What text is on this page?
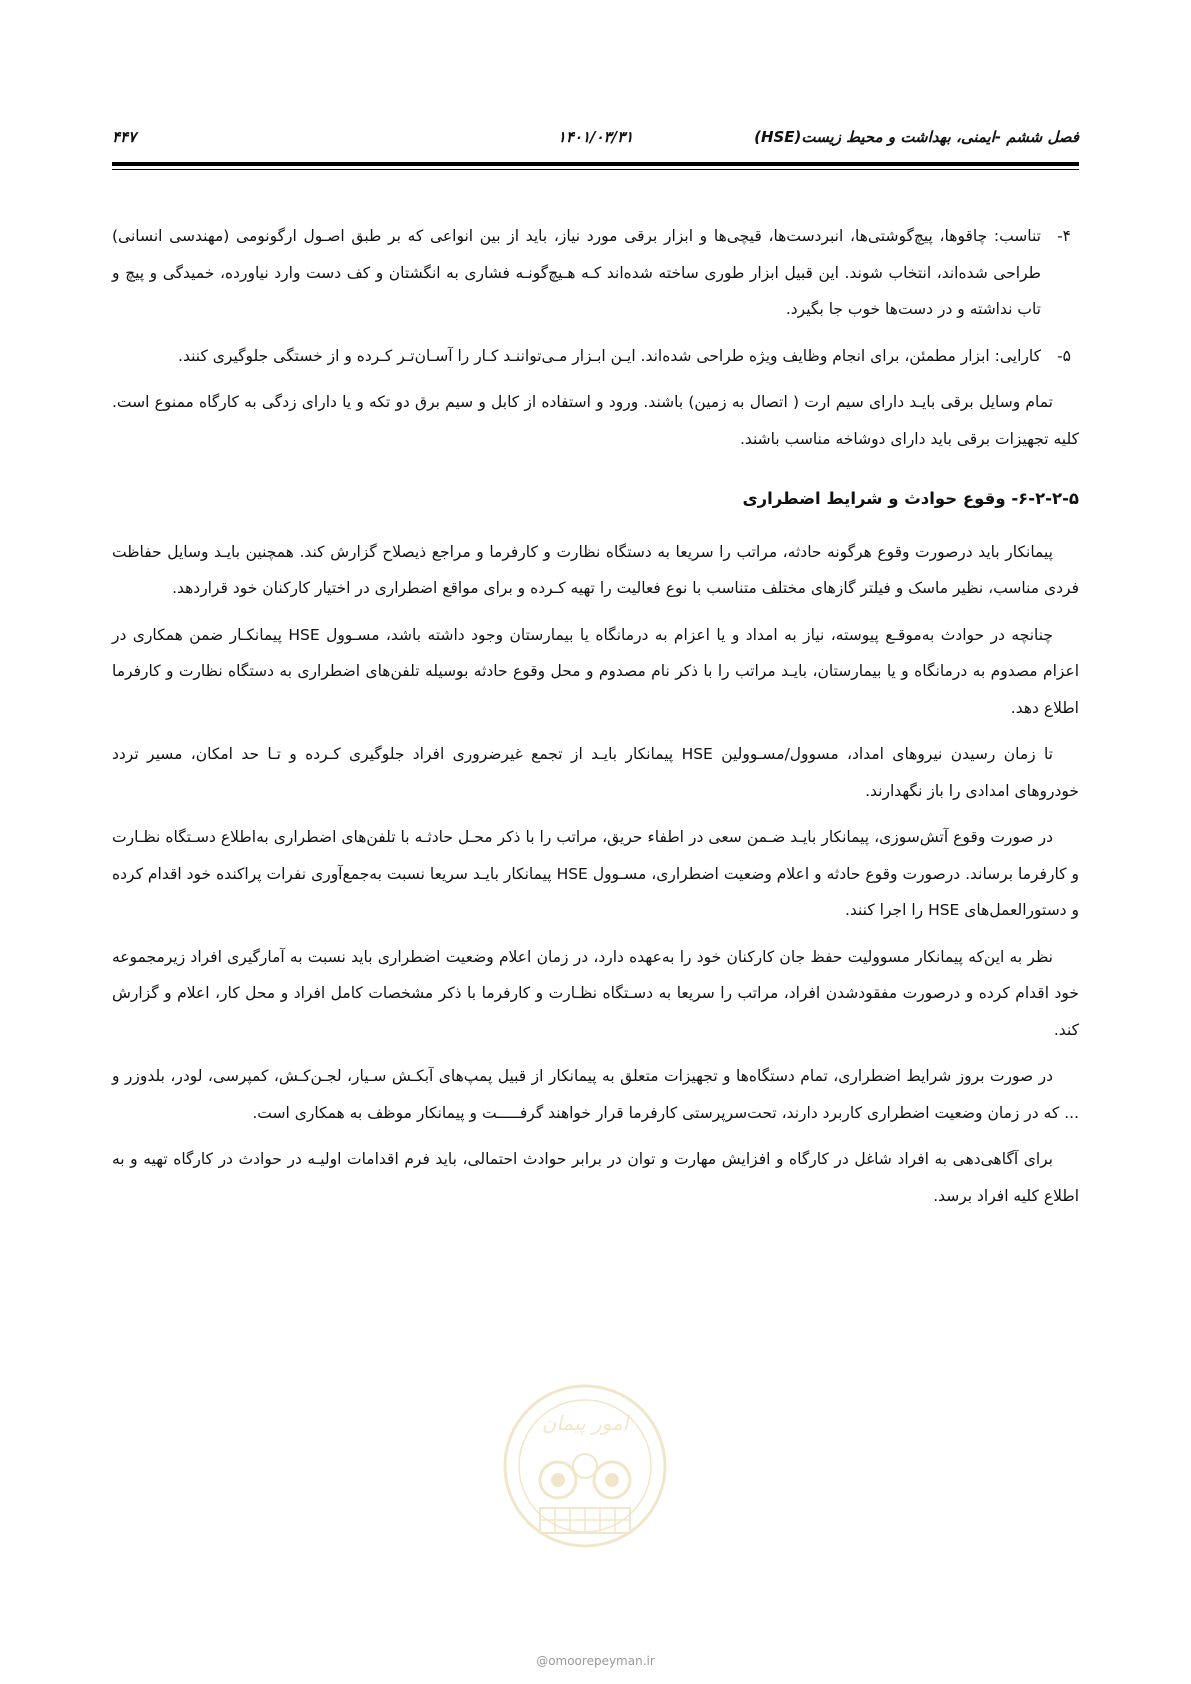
۴۴۷	۱۴۰۱/۰۳/۳۱	فصل ششم -ایمنی، بهداشت و محیط زیست(HSE)
۴-
تناسب: چاقوها، پیچ‌گوشتی‌ها، انبردست‌ها، قیچی‌ها و ابزار برقی مورد نیاز، باید از بین انواعی که بر طبق اصـول ارگونومی (مهندسی انسانی) طراحی شده‌اند، انتخاب شوند. این قبیل ابزار طوری ساخته شده‌اند کـه هـیچ‌گونـه فشاری به انگشتان و کف دست وارد نیاورده، خمیدگی و پیچ و تاب نداشته و در دست‌ها خوب جا بگیرد.
۵-
کارایی: ابزار مطمئن، برای انجام وظایف ویژه طراحی شده‌اند. ایـن ابـزار مـی‌تواننـد کـار را آسـان‌تـر کـرده و از خستگی جلوگیری کنند.

تمام وسایل برقی بایـد دارای سیم ارت ( اتصال به زمین) باشند. ورود و استفاده از کابل و سیم برق دو تکه و یا دارای زدگی به کارگاه ممنوع است. کلیه تجهیزات برقی باید دارای دوشاخه مناسب باشند.

۶-۲-۲-۵- وقوع حوادث و شرایط اضطراری

پیمانکار باید درصورت وقوع هرگونه حادثه، مراتب را سریعا به دستگاه نظارت و کارفرما و مراجع ذیصلاح گزارش کند. همچنین بایـد وسایل حفاظت فردی مناسب، نظیر ماسک و فیلتر گازهای مختلف متناسب با نوع فعالیت را تهیه کـرده و برای مواقع اضطراری در اختیار کارکنان خود قراردهد.

چنانچه در حوادث به‌موقـع پیوسته، نیاز به امداد و یا اعزام به درمانگاه یا بیمارستان وجود داشته باشد، مسـوول HSE پیمانکـار ضمن همکاری در اعزام مصدوم به درمانگاه و یا بیمارستان، بایـد مراتب را با ذکر نام مصدوم و محل وقوع حادثه بوسیله تلفن‌های اضطراری به دستگاه نظارت و کارفرما اطلاع دهد.

تا زمان رسیدن نیروهای امداد، مسوول/مسـوولین HSE پیمانکار بایـد از تجمع غیرضروری افراد جلوگیری کـرده و تـا حد امکان، مسیر تردد خودروهای امدادی را باز نگهدارند.

در صورت وقوع آتش‌سوزی، پیمانکار بایـد ضـمن سعی در اطفاء حریق، مراتب را با ذکر محـل حادثـه با تلفن‌های اضطراری به‌اطلاع دسـتگاه نظـارت و کارفرما برساند. درصورت وقوع حادثه و اعلام وضعیت اضطراری، مسـوول HSE پیمانکار بایـد سریعا نسبت به‌جمع‌آوری نفرات پراکنده خود اقدام کرده و دستورالعمل‌های HSE را اجرا کنند.

نظر به این‌که پیمانکار مسوولیت حفظ جان کارکنان خود را به‌عهده دارد، در زمان اعلام وضعیت اضطراری باید نسبت به آمارگیری افراد زیرمجموعه خود اقدام کرده و درصورت مفقودشدن افراد، مراتب را سریعا به دسـتگاه نظـارت و کارفرما با ذکر مشخصات کامل افراد و محل کار، اعلام و گزارش کند.

در صورت بروز شرایط اضطراری، تمام دستگاه‌ها و تجهیزات متعلق به پیمانکار از قبیل پمپ‌های آبکـش سـیار، لجـن‌کـش، کمپرسی، لودر، بلدوزر و ... که در زمان وضعیت اضطراری کاربرد دارند، تحت‌سرپرستی کارفرما قرار خواهند گرفـــــت و پیمانکار موظف به همکاری است.

برای آگاهی‌دهی به افراد شاغل در کارگاه و افزایش مهارت و توان در برابر حوادث احتمالی، باید فرم اقدامات اولیـه در حوادث در کارگاه تهیه و به اطلاع کلیه افراد برسد.

امور پیمان
@omoorepeyman.ir
